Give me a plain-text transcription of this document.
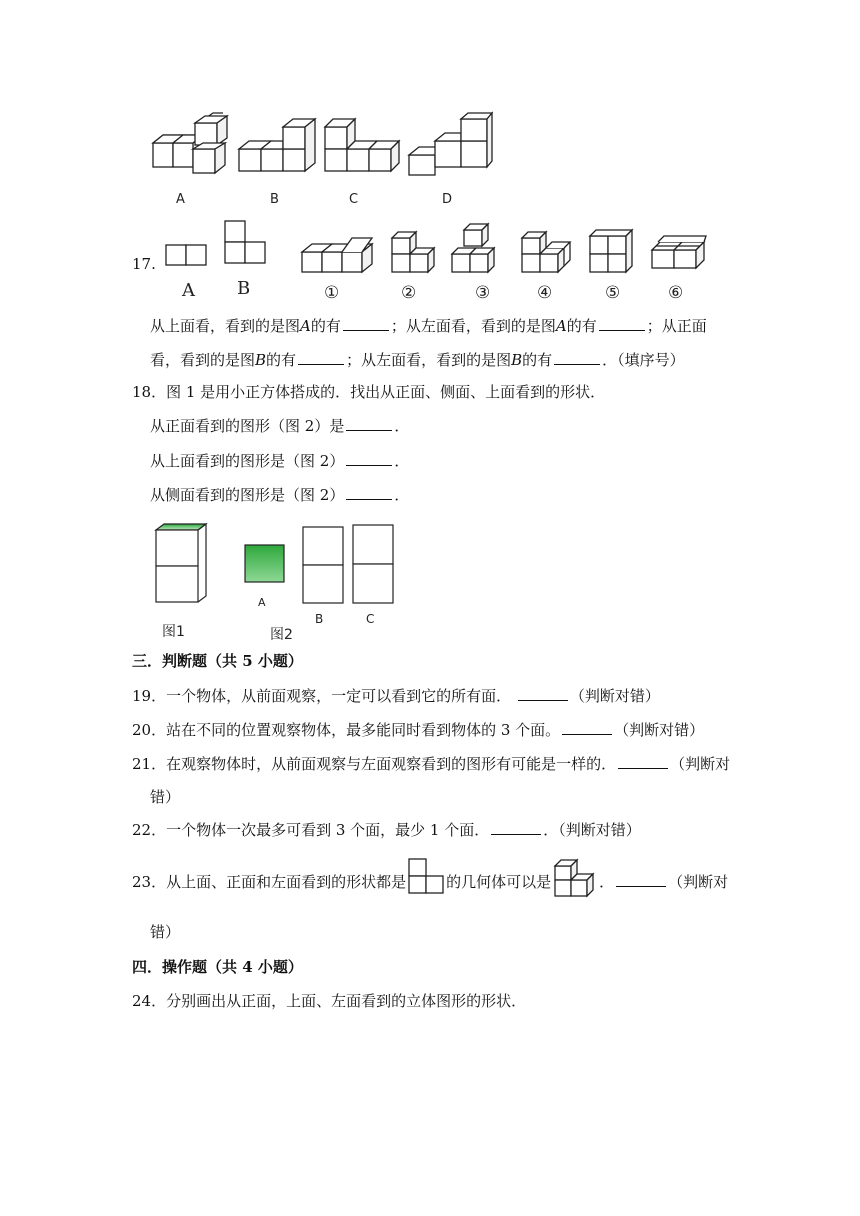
A	B	C	D
17.
A B	①	②	③	④	⑤	⑥
从上面看，看到的是图A的有	；从左面看，看到的是图A的有	；从正面
看，看到的是图B的有	；从左面看，看到的是图B的有	．（填序号）
18．图 1 是用小正方体搭成的．找出从正面、侧面、上面看到的形状．
从正面看到的图形（图 2）是	．
从上面看到的图形是（图 2）	．
从侧面看到的图形是（图 2）	．
图1	图2
A
B	C
三．判断题（共 5 小题）
19．一个物体，从前面观察，一定可以看到它的所有面．	（判断对错）
20．站在不同的位置观察物体，最多能同时看到物体的 3 个面。	（判断对错）
21．在观察物体时，从前面观察与左面观察看到的图形有可能是一样的．	（判断对
错）
22．一个物体一次最多可看到 3 个面，最少 1 个面．	．（判断对错）
23．从上面、正面和左面看到的形状都是	的几何体可以是	．	（判断对
错）
四．操作题（共 4 小题）
24．分别画出从正面，上面、左面看到的立体图形的形状．
